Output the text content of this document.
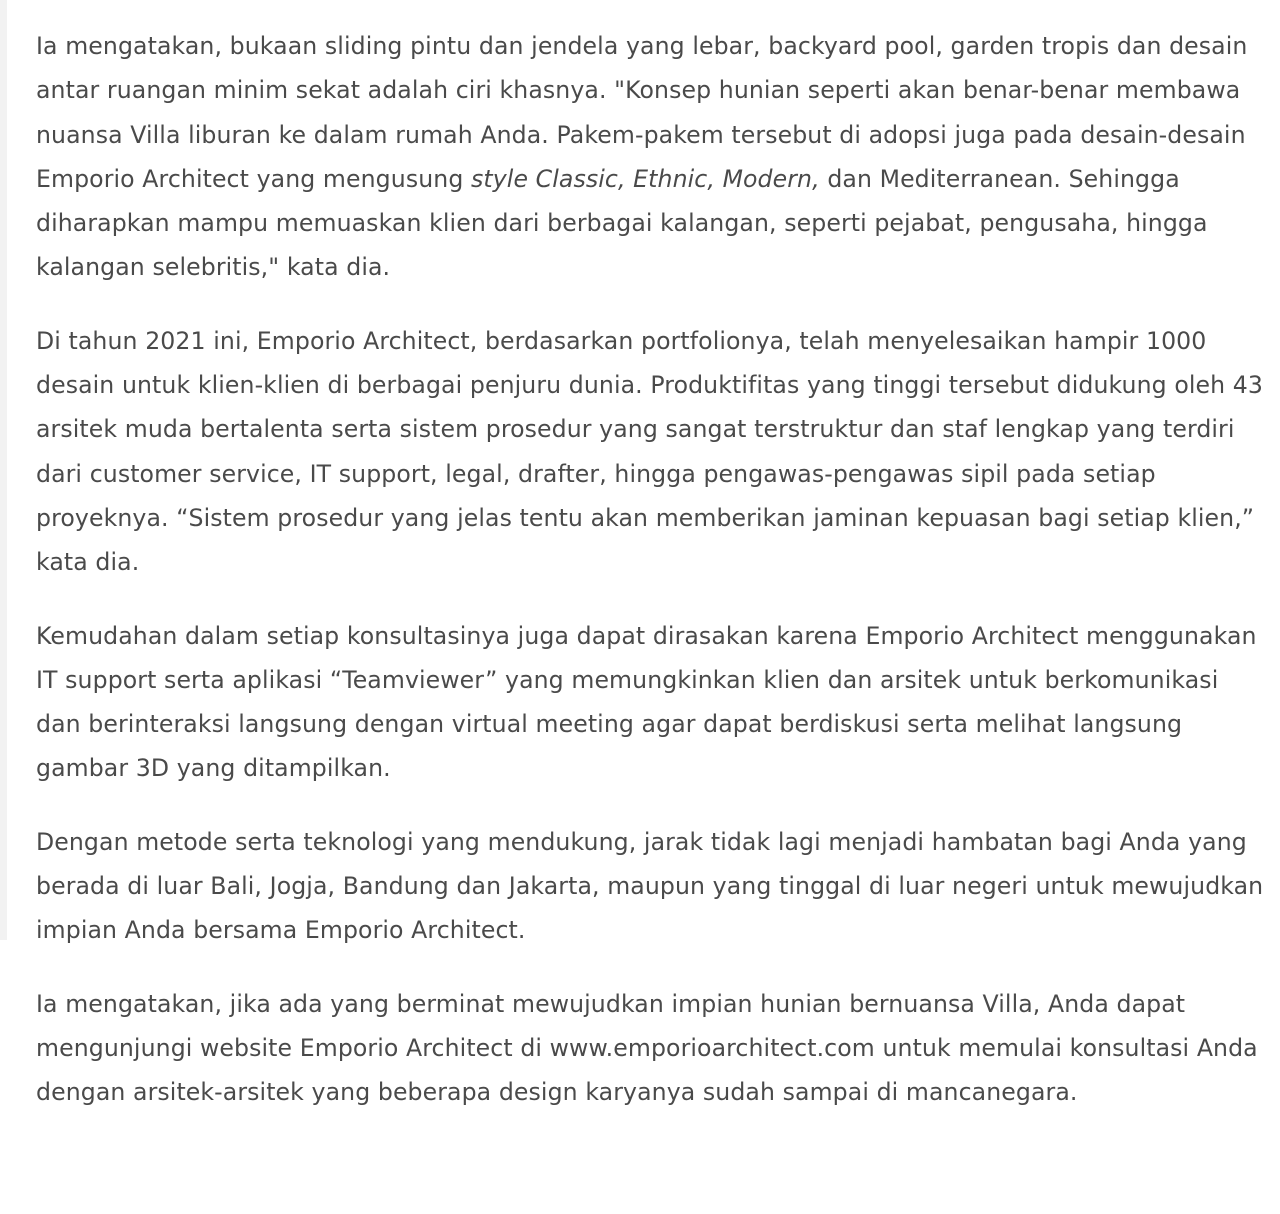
Ia mengatakan, bukaan sliding pintu dan jendela yang lebar, backyard pool, garden tropis dan desain antar ruangan minim sekat adalah ciri khasnya. "Konsep hunian seperti akan benar-benar membawa nuansa Villa liburan ke dalam rumah Anda. Pakem-pakem tersebut di adopsi juga pada desain-desain Emporio Architect yang mengusung style Classic, Ethnic, Modern, dan Mediterranean. Sehingga diharapkan mampu memuaskan klien dari berbagai kalangan, seperti pejabat, pengusaha, hingga kalangan selebritis," kata dia.

Di tahun 2021 ini, Emporio Architect, berdasarkan portfolionya, telah menyelesaikan hampir 1000 desain untuk klien-klien di berbagai penjuru dunia. Produktifitas yang tinggi tersebut didukung oleh 43 arsitek muda bertalenta serta sistem prosedur yang sangat terstruktur dan staf lengkap yang terdiri dari customer service, IT support, legal, drafter, hingga pengawas-pengawas sipil pada setiap proyeknya. “Sistem prosedur yang jelas tentu akan memberikan jaminan kepuasan bagi setiap klien,” kata dia.

Kemudahan dalam setiap konsultasinya juga dapat dirasakan karena Emporio Architect menggunakan IT support serta aplikasi “Teamviewer” yang memungkinkan klien dan arsitek untuk berkomunikasi dan berinteraksi langsung dengan virtual meeting agar dapat berdiskusi serta melihat langsung gambar 3D yang ditampilkan.

Dengan metode serta teknologi yang mendukung, jarak tidak lagi menjadi hambatan bagi Anda yang berada di luar Bali, Jogja, Bandung dan Jakarta, maupun yang tinggal di luar negeri untuk mewujudkan impian Anda bersama Emporio Architect.

Ia mengatakan, jika ada yang berminat mewujudkan impian hunian bernuansa Villa, Anda dapat mengunjungi website Emporio Architect di www.emporioarchitect.com untuk memulai konsultasi Anda dengan arsitek-arsitek yang beberapa design karyanya sudah sampai di mancanegara.
